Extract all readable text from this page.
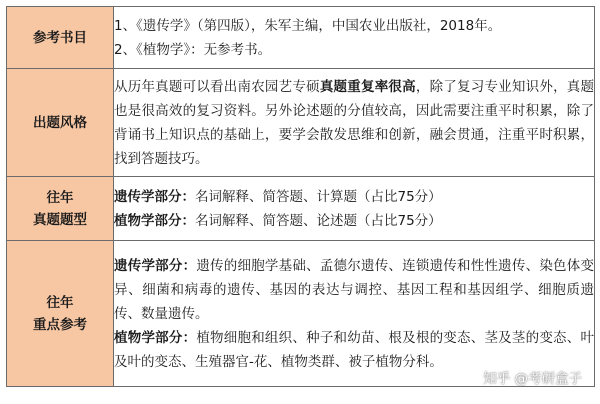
参考书目	1、《遗传学》（第四版），朱军主编，中国农业出版社，2018年。
2、《植物学》：无参考书。

出题风格	从历年真题可以看出南农园艺专硕真题重复率很高，除了复习专业知识外，真题也是很高效的复习资料。另外论述题的分值较高，因此需要注重平时积累，除了背诵书上知识点的基础上，要学会散发思维和创新，融会贯通，注重平时积累，找到答题技巧。

往年
真题题型	遗传学部分：名词解释、简答题、计算题（占比75分）
植物学部分：名词解释、简答题、论述题（占比75分）

往年
重点参考	遗传学部分：遗传的细胞学基础、孟德尔遗传、连锁遗传和性性遗传、染色体变异、细菌和病毒的遗传、基因的表达与调控、基因工程和基因组学、细胞质遗传、数量遗传。
植物学部分：植物细胞和组织、种子和幼苗、根及根的变态、茎及茎的变态、叶及叶的变态、生殖器官-花、植物类群、被子植物分科。
知乎 @考研盒子
